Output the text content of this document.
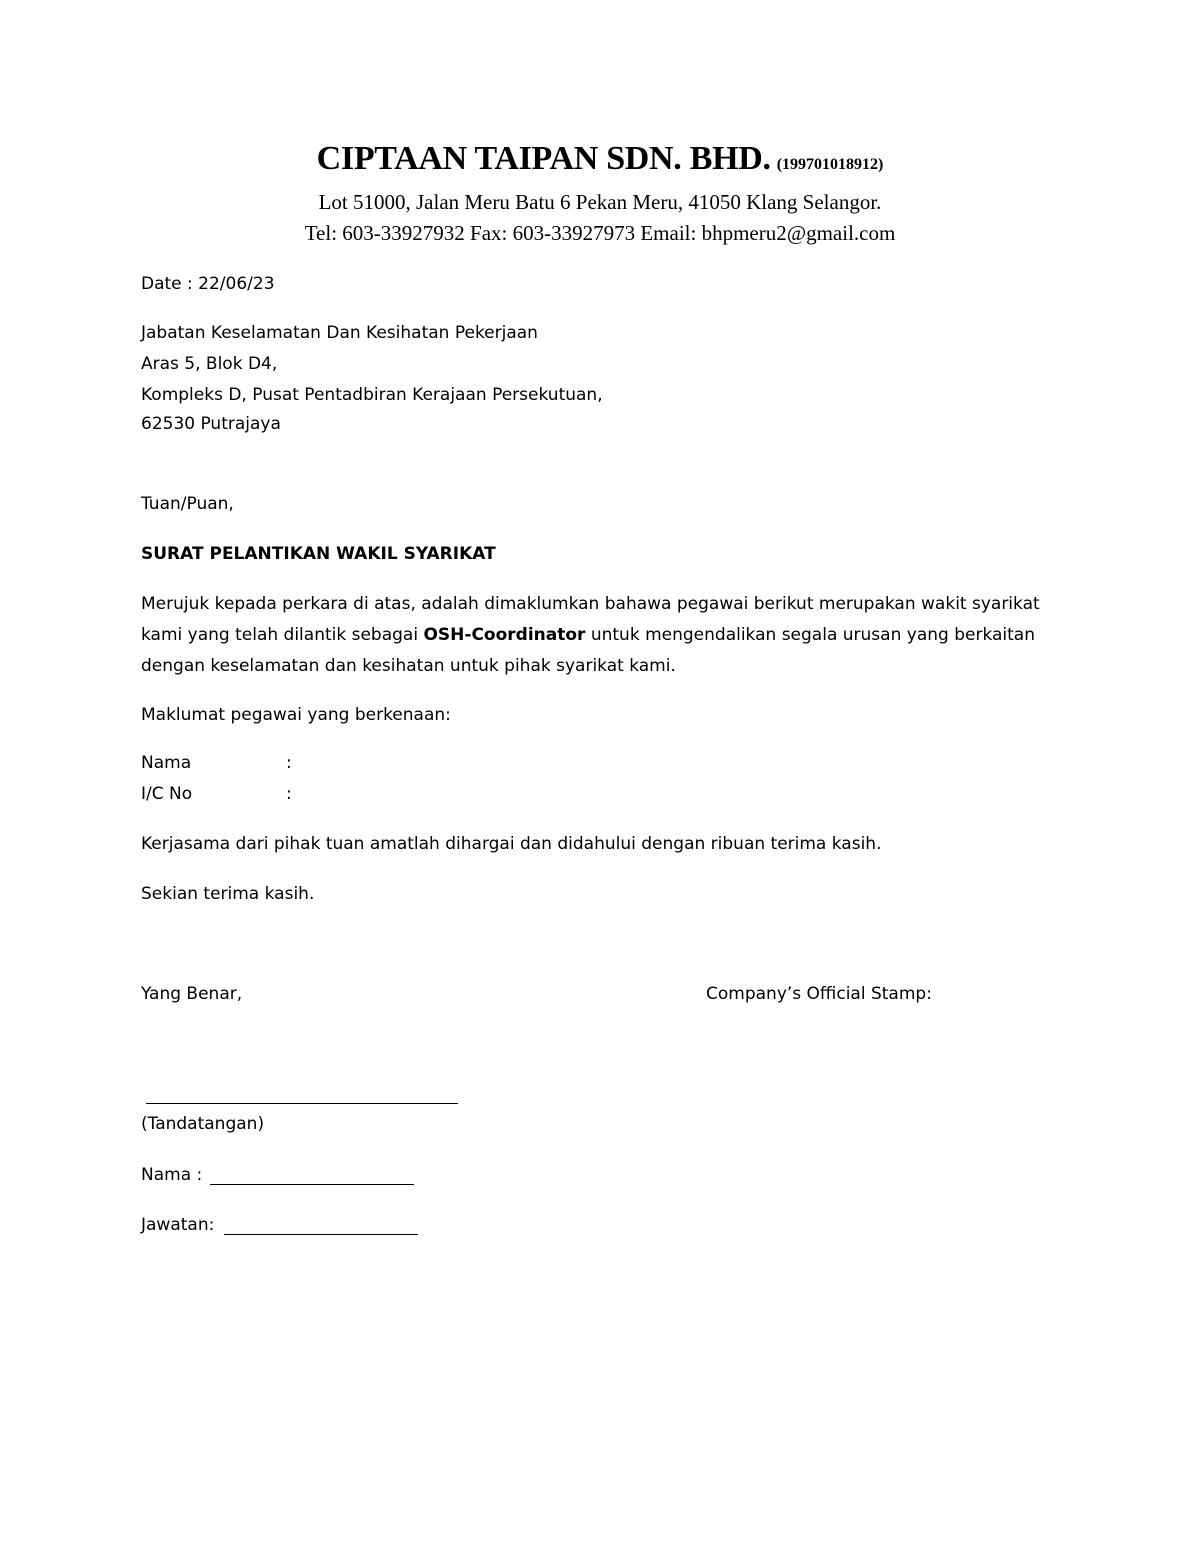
CIPTAAN TAIPAN SDN. BHD. (199701018912)
Lot 51000, Jalan Meru Batu 6 Pekan Meru, 41050 Klang Selangor.
Tel: 603-33927932 Fax: 603-33927973 Email: bhpmeru2@gmail.com
Date : 22/06/23
Jabatan Keselamatan Dan Kesihatan Pekerjaan
Aras 5, Blok D4,
Kompleks D, Pusat Pentadbiran Kerajaan Persekutuan,
62530 Putrajaya
Tuan/Puan,
SURAT PELANTIKAN WAKIL SYARIKAT
Merujuk kepada perkara di atas, adalah dimaklumkan bahawa pegawai berikut merupakan wakit syarikat kami yang telah dilantik sebagai OSH-Coordinator untuk mengendalikan segala urusan yang berkaitan dengan keselamatan dan kesihatan untuk pihak syarikat kami.
Maklumat pegawai yang berkenaan:
Nama	:
I/C No	:
Kerjasama dari pihak tuan amatlah dihargai dan didahului dengan ribuan terima kasih.
Sekian terima kasih.
Yang Benar,	Company’s Official Stamp:
(Tandatangan)
Nama :
Jawatan:
